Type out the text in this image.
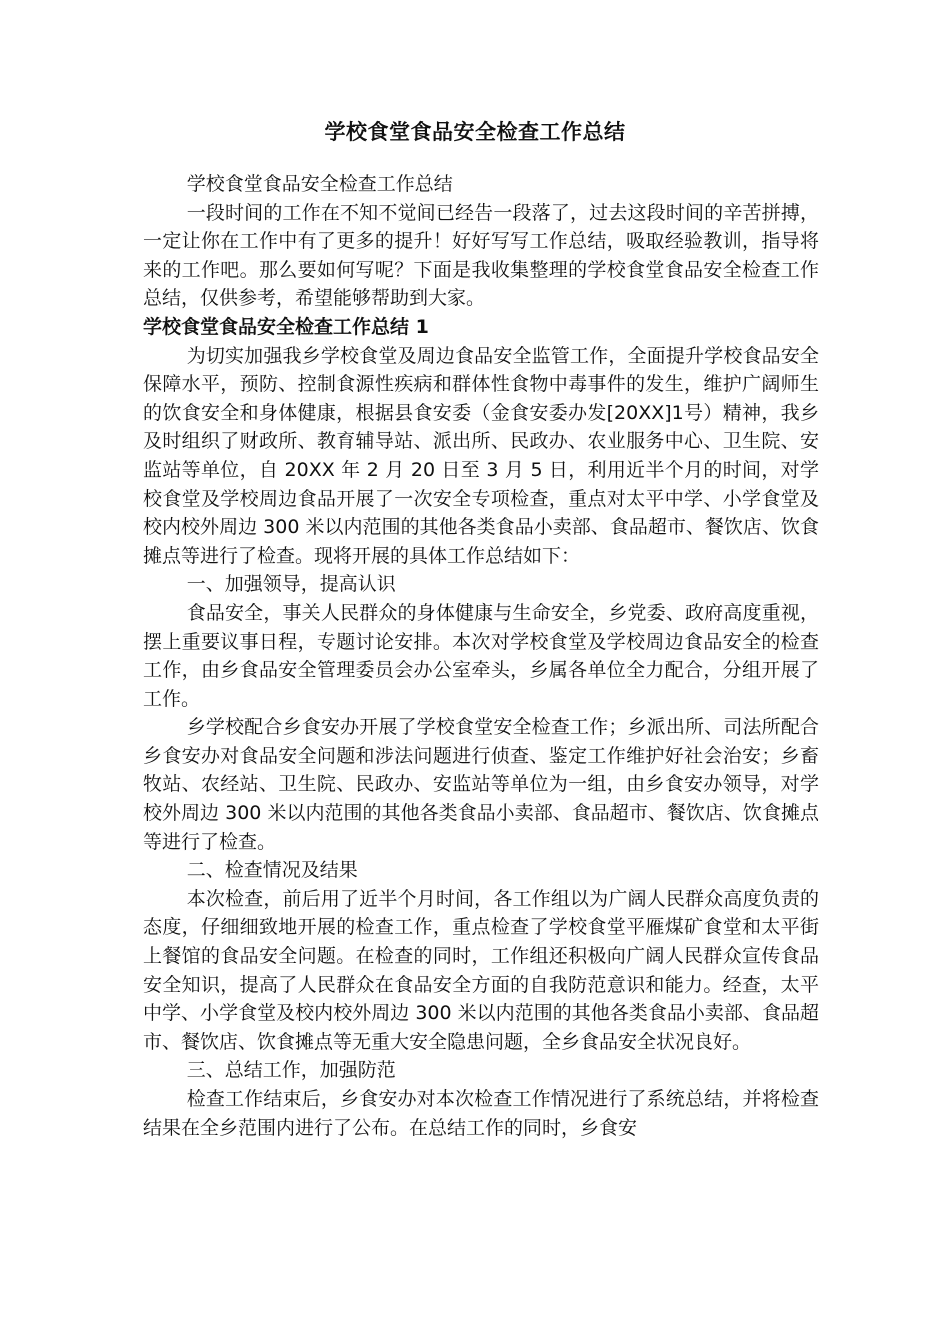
学校食堂食品安全检查工作总结

学校食堂食品安全检查工作总结

一段时间的工作在不知不觉间已经告一段落了，过去这段时间的辛苦拼搏，一定让你在工作中有了更多的提升！好好写写工作总结，吸取经验教训，指导将来的工作吧。那么要如何写呢？下面是我收集整理的学校食堂食品安全检查工作总结，仅供参考，希望能够帮助到大家。

学校食堂食品安全检查工作总结 1

为切实加强我乡学校食堂及周边食品安全监管工作，全面提升学校食品安全保障水平，预防、控制食源性疾病和群体性食物中毒事件的发生，维护广阔师生的饮食安全和身体健康，根据县食安委（金食安委办发[20XX]1号）精神，我乡及时组织了财政所、教育辅导站、派出所、民政办、农业服务中心、卫生院、安监站等单位，自 20XX 年 2 月 20 日至 3 月 5 日，利用近半个月的时间，对学校食堂及学校周边食品开展了一次安全专项检查，重点对太平中学、小学食堂及校内校外周边 300 米以内范围的其他各类食品小卖部、食品超市、餐饮店、饮食摊点等进行了检查。现将开展的具体工作总结如下：

一、加强领导，提高认识

食品安全，事关人民群众的身体健康与生命安全，乡党委、政府高度重视，摆上重要议事日程，专题讨论安排。本次对学校食堂及学校周边食品安全的检查工作，由乡食品安全管理委员会办公室牵头，乡属各单位全力配合，分组开展了工作。

乡学校配合乡食安办开展了学校食堂安全检查工作；乡派出所、司法所配合乡食安办对食品安全问题和涉法问题进行侦查、鉴定工作维护好社会治安；乡畜牧站、农经站、卫生院、民政办、安监站等单位为一组，由乡食安办领导，对学校外周边 300 米以内范围的其他各类食品小卖部、食品超市、餐饮店、饮食摊点等进行了检查。

二、检查情况及结果

本次检查，前后用了近半个月时间，各工作组以为广阔人民群众高度负责的态度，仔细细致地开展的检查工作，重点检查了学校食堂平雁煤矿食堂和太平街上餐馆的食品安全问题。在检查的同时，工作组还积极向广阔人民群众宣传食品安全知识，提高了人民群众在食品安全方面的自我防范意识和能力。经查，太平中学、小学食堂及校内校外周边 300 米以内范围的其他各类食品小卖部、食品超市、餐饮店、饮食摊点等无重大安全隐患问题，全乡食品安全状况良好。

三、总结工作，加强防范

检查工作结束后，乡食安办对本次检查工作情况进行了系统总结，并将检查结果在全乡范围内进行了公布。在总结工作的同时，乡食安
